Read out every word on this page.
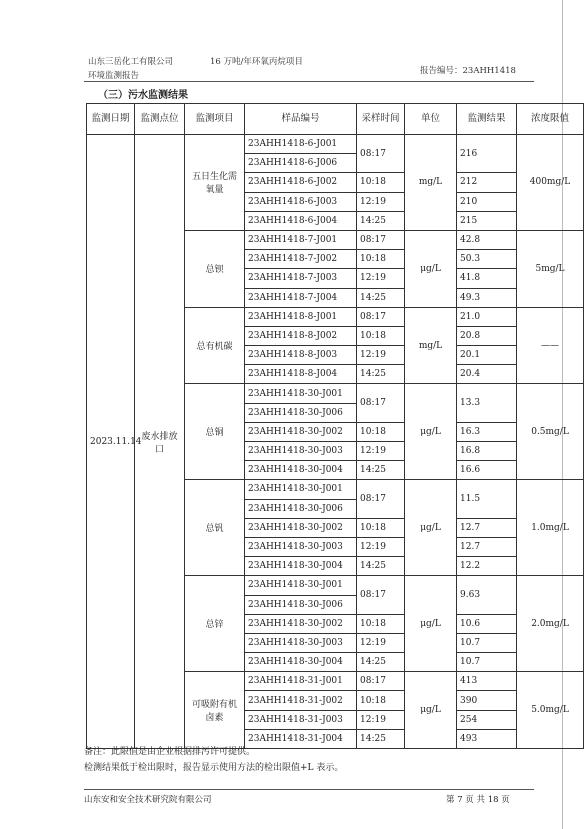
山东三岳化工有限公司	16 万吨/年环氧丙烷项目
环境监测报告	报告编号：23AHH1418
（三）污水监测结果
监测日期	监测点位	监测项目	样品编号	采样时间	单位	监测结果	浓度限值
2023.11.14	废水排放口	五日生化需氧量	23AHH1418-6-J001	08:17	mg/L	216	400mg/L
			23AHH1418-6-J006				
			23AHH1418-6-J002	10:18		212	
			23AHH1418-6-J003	12:19		210	
			23AHH1418-6-J004	14:25		215	
		总钡	23AHH1418-7-J001	08:17	μg/L	42.8	5mg/L
			23AHH1418-7-J002	10:18		50.3	
			23AHH1418-7-J003	12:19		41.8	
			23AHH1418-7-J004	14:25		49.3	
		总有机碳	23AHH1418-8-J001	08:17	mg/L	21.0	——
			23AHH1418-8-J002	10:18		20.8	
			23AHH1418-8-J003	12:19		20.1	
			23AHH1418-8-J004	14:25		20.4	
		总铜	23AHH1418-30-J001	08:17	μg/L	13.3	0.5mg/L
			23AHH1418-30-J006				
			23AHH1418-30-J002	10:18		16.3	
			23AHH1418-30-J003	12:19		16.8	
			23AHH1418-30-J004	14:25		16.6	
		总钒	23AHH1418-30-J001	08:17	μg/L	11.5	1.0mg/L
			23AHH1418-30-J006				
			23AHH1418-30-J002	10:18		12.7	
			23AHH1418-30-J003	12:19		12.7	
			23AHH1418-30-J004	14:25		12.2	
		总锌	23AHH1418-30-J001	08:17	μg/L	9.63	2.0mg/L
			23AHH1418-30-J006				
			23AHH1418-30-J002	10:18		10.6	
			23AHH1418-30-J003	12:19		10.7	
			23AHH1418-30-J004	14:25		10.7	
		可吸附有机卤素	23AHH1418-31-J001	08:17	μg/L	413	5.0mg/L
			23AHH1418-31-J002	10:18		390	
			23AHH1418-31-J003	12:19		254	
			23AHH1418-31-J004	14:25		493	
备注：此限值是由企业根据排污许可提供。
检测结果低于检出限时，报告显示使用方法的检出限值+L 表示。
山东安和安全技术研究院有限公司	第 7 页 共 18 页
